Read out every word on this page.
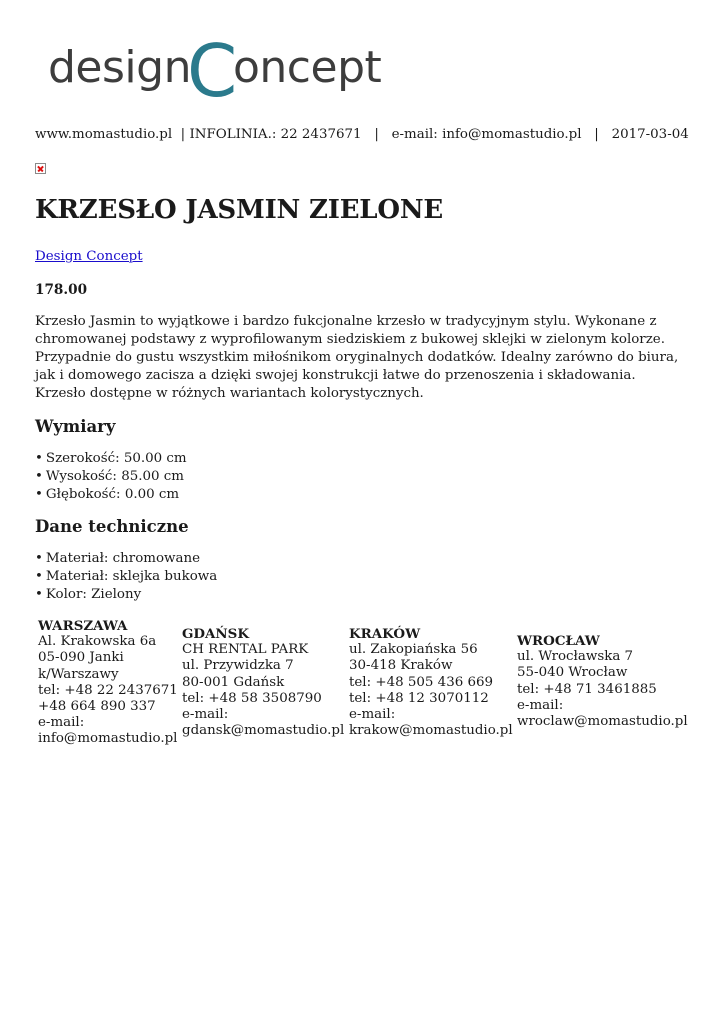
design
C
oncept
www.momastudio.pl  | INFOLINIA.: 22 2437671   |   e-mail: info@momastudio.pl   |   2017-03-04
KRZESŁO JASMIN ZIELONE
Design Concept
178.00
Krzesło Jasmin to wyjątkowe i bardzo fukcjonalne krzesło w tradycyjnym stylu. Wykonane z chromowanej podstawy z wyprofilowanym siedziskiem z bukowej sklejki w zielonym kolorze. Przypadnie do gustu wszystkim miłośnikom oryginalnych dodatków. Idealny zarówno do biura, jak i domowego zacisza a dzięki swojej konstrukcji łatwe do przenoszenia i składowania. Krzesło dostępne w różnych wariantach kolorystycznych.
Wymiary
• Szerokość: 50.00 cm
• Wysokość: 85.00 cm
• Głębokość: 0.00 cm
Dane techniczne
• Materiał: chromowane
• Materiał: sklejka bukowa
• Kolor: Zielony
WARSZAWA
Al. Krakowska 6a
05-090 Janki
k/Warszawy
tel: +48 22 2437671
+48 664 890 337
e-mail:
info@momastudio.pl
GDAŃSK
CH RENTAL PARK
ul. Przywidzka 7
80-001 Gdańsk
tel: +48 58 3508790
e-mail:
gdansk@momastudio.pl
KRAKÓW
ul. Zakopiańska 56
30-418 Kraków
tel: +48 505 436 669
tel: +48 12 3070112
e-mail:
krakow@momastudio.pl
WROCŁAW
ul. Wrocławska 7
55-040 Wrocław
tel: +48 71 3461885
e-mail:
wroclaw@momastudio.pl
